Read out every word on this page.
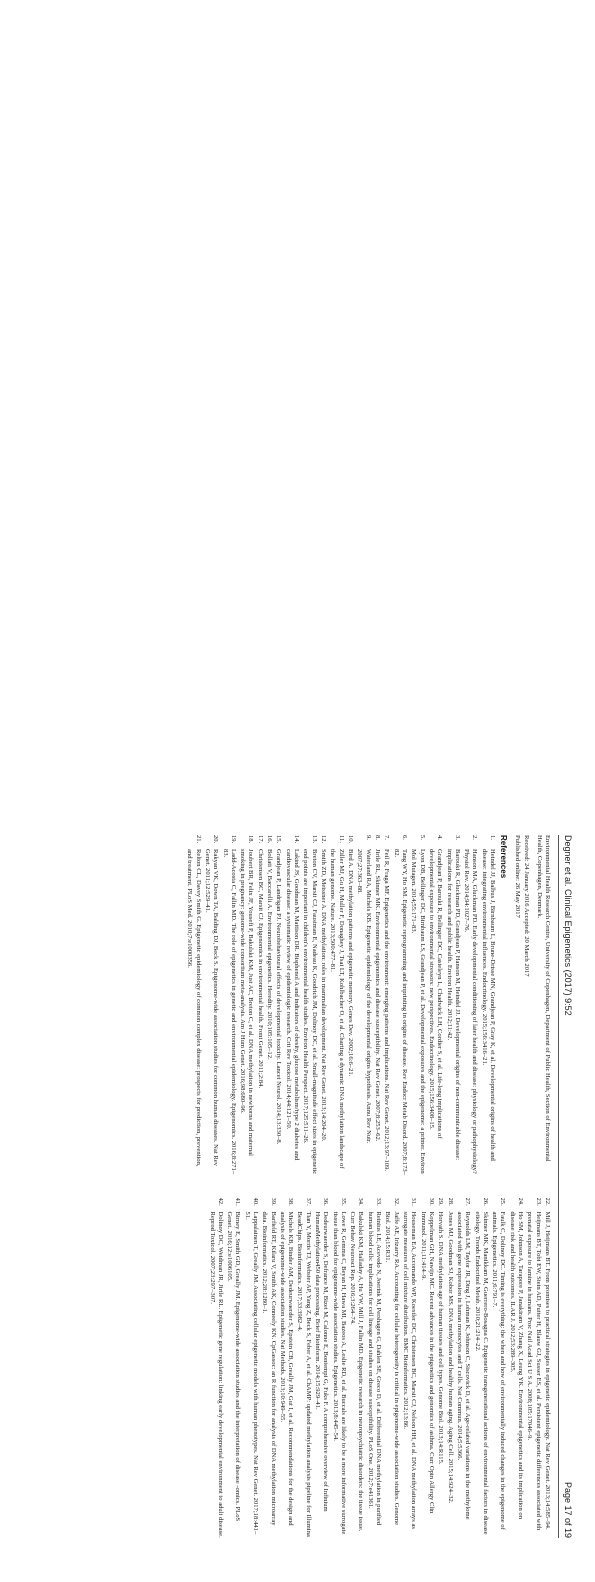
Degner et al. Clinical Epigenetics (2017) 9:52
Page 17 of 19
Environmental Health Research Centre, University of Copenhagen, Department of Public Health, Section of Environmental Health, Copenhagen, Denmark.
Received: 24 January 2016 Accepted: 20 March 2017
Published online: 26 May 2017
References
1.
Heindel JJ, Balbus J, Birnbaum L, Brune-Drisse MN, Grandjean P, Gray K, et al. Developmental origins of health and disease: integrating environmental influences. Endocrinology. 2015;156:3416–21.
2.
Hanson MA, Gluckman PD. Early developmental conditioning of later health and disease: physiology or pathophysiology? Physiol Rev. 2014;94:1027–76.
3.
Barouki R, Gluckman PD, Grandjean P, Hanson M, Heindel JJ. Developmental origins of non-communicable disease: implications for research and public health. Environ Health. 2012;11:42.
4.
Grandjean P, Barouki R, Bellinger DC, Casteleyn L, Chadwick LH, Cordier S, et al. Life-long implications of developmental exposure to environmental stressors: new perspectives. Endocrinology. 2015;156:3408–15.
5.
Lyon DB, Bellinger DC, Birnbaum LS, Grandjean P, et al. Developmental exposures and the epigenome: a primer. Environ Mol Mutagen. 2014;55:171–83.
6.
Tang WY, Ho SM. Epigenetic reprogramming and imprinting in origins of disease. Rev Endocr Metab Disord. 2007;8:173–82.
7.
Feil R, Fraga MF. Epigenetics and the environment: emerging patterns and implications. Nat Rev Genet. 2012;13:97–109.
8.
Jirtle RL, Skinner MK. Environmental epigenomics and disease susceptibility. Nat Rev Genet. 2007;8:253–62.
9.
Waterland RA, Michels KB. Epigenetic epidemiology of the developmental origins hypothesis. Annu Rev Nutr. 2007;27:363–88.
10.
Bird A. DNA methylation patterns and epigenetic memory. Genes Dev. 2002;16:6–21.
11.
Ziller MJ, Gu H, Muller F, Donaghey J, Tsai LT, Kohlbacher O, et al. Charting a dynamic DNA methylation landscape of the human genome. Nature. 2013;500:477–81.
12.
Smith ZD, Meissner A. DNA methylation: roles in mammalian development. Nat Rev Genet. 2013;14:204–20.
13.
Breton CV, Marsit CJ, Faustman E, Nadeau K, Goodrich JM, Dolinoy DC, et al. Small-magnitude effect sizes in epigenetic end points are important in children's environmental health studies. Environ Health Perspect. 2017;125:511–26.
14.
Lakind JS, Goodman M, Mattison DR. Bisphenol A and indicators of obesity, glucose metabolism/type 2 diabetes and cardiovascular disease: a systematic review of epidemiologic research. Crit Rev Toxicol. 2014;44:121–50.
15.
Grandjean P, Landrigan PJ. Neurobehavioural effects of developmental toxicity. Lancet Neurol. 2014;13:330–8.
16.
Bollati V, Baccarelli A. Environmental epigenetics. Heredity. 2010;105:105–12.
17.
Christensen BC, Marsit CJ. Epigenomics in environmental health. Front Genet. 2011;2:84.
18.
Joubert BR, Felix JF, Yousefi P, Bakulski KM, Just AC, Breton C, et al. DNA methylation in newborns and maternal smoking in pregnancy: genome-wide consortium meta-analysis. Am J Hum Genet. 2016;98:680–96.
19.
Ladd-Acosta C, Fallin MD. The role of epigenetics in genetic and environmental epidemiology. Epigenomics. 2016;8:271–83.
20.
Rakyan VK, Down TA, Balding DJ, Beck S. Epigenome-wide association studies for common human diseases. Nat Rev Genet. 2011;12:529–41.
21.
Relton CL, Davey Smith G. Epigenetic epidemiology of common complex disease: prospects for prediction, prevention, and treatment. PLoS Med. 2010;7:e1000356.
22.
Mill J, Heijmans BT. From promises to practical strategies in epigenetic epidemiology. Nat Rev Genet. 2013;14:585–94.
23.
Heijmans BT, Tobi EW, Stein AD, Putter H, Blauw GJ, Susser ES, et al. Persistent epigenetic differences associated with prenatal exposure to famine in humans. Proc Natl Acad Sci U S A. 2008;105:17046–9.
24.
Ho SM, Johnson A, Tarapore P, Janakiram V, Zhang X, Leung YK. Environmental epigenetics and its implication on disease risk and health outcomes. ILAR J. 2012;53:289–305.
25.
Faulk C, Dolinoy DC. Timing is everything: the when and how of environmentally induced changes in the epigenome of animals. Epigenetics. 2011;6:791–7.
26.
Skinner MK, Manikkam M, Guerrero-Bosagna C. Epigenetic transgenerational actions of environmental factors in disease etiology. Trends Endocrinol Metab. 2010;21:214–22.
27.
Reynolds LM, Taylor JR, Ding J, Lohman K, Johnson C, Siscovick D, et al. Age-related variations in the methylome associated with gene expression in human monocytes and T cells. Nat Commun. 2014;5:5366.
28.
Jones MJ, Goodman SJ, Kobor MS. DNA methylation and healthy human aging. Aging Cell. 2015;14:924–32.
29.
Horvath S. DNA methylation age of human tissues and cell types. Genome Biol. 2013;14:R115.
30.
Koppelman GH, Nawijn MC. Recent advances in the epigenetics and genomics of asthma. Curr Opin Allergy Clin Immunol. 2011;11:414–9.
31.
Houseman EA, Accomando WP, Koestler DC, Christensen BC, Marsit CJ, Nelson HH, et al. DNA methylation arrays as surrogate measures of cell mixture distribution. BMC Bioinformatics. 2012;13:86.
32.
Jaffe AE, Irizarry RA. Accounting for cellular heterogeneity is critical in epigenome-wide association studies. Genome Biol. 2014;15:R31.
33.
Reinius LE, Acevedo N, Joerink M, Pershagen G, Dahlen SE, Greco D, et al. Differential DNA methylation in purified human blood cells: implications for cell lineage and studies on disease susceptibility. PLoS One. 2012;7:e41361.
34.
Bakulski KM, Halladay A, Hu VW, Mill J, Fallin MD. Epigenetic research in neuropsychiatric disorders: the tissue issue. Curr Behav Neurosci Rep. 2016;3:264–74.
35.
Lowe R, Gemma C, Beyan H, Hawa MI, Bazeos A, Leslie RD, et al. Buccals are likely to be a more informative surrogate tissue than blood for epigenome-wide association studies. Epigenetics. 2013;8:445–54.
36.
Dedeurwaerder S, Defrance M, Bizet M, Calonne E, Bontempi G, Fuks F. A comprehensive overview of Infinium HumanMethylation450 data processing. Brief Bioinform. 2014;15:929–41.
37.
Tian Y, Morris TJ, Webster AP, Yang Z, Beck S, Feber A, et al. ChAMP: updated methylation analysis pipeline for Illumina BeadChips. Bioinformatics. 2017;33:3982–4.
38.
Michels KB, Binder AM, Dedeurwaerder S, Epstein CB, Greally JM, Gut I, et al. Recommendations for the design and analysis of epigenome-wide association studies. Nat Methods. 2013;10:949–55.
39.
Barfield RT, Kilaru V, Smith AK, Conneely KN. CpGassoc: an R function for analysis of DNA methylation microarray data. Bioinformatics. 2012;28:1280–1.
40.
Lappalainen T, Greally JM. Associating cellular epigenetic models with human phenotypes. Nat Rev Genet. 2017;18:441–51.
41.
Birney E, Smith GD, Greally JM. Epigenome-wide association studies and the interpretation of disease -omics. PLoS Genet. 2016;12:e1006105.
42.
Dolinoy DC, Weidman JR, Jirtle RL. Epigenetic gene regulation: linking early developmental environment to adult disease. Reprod Toxicol. 2007;23:297–307.
